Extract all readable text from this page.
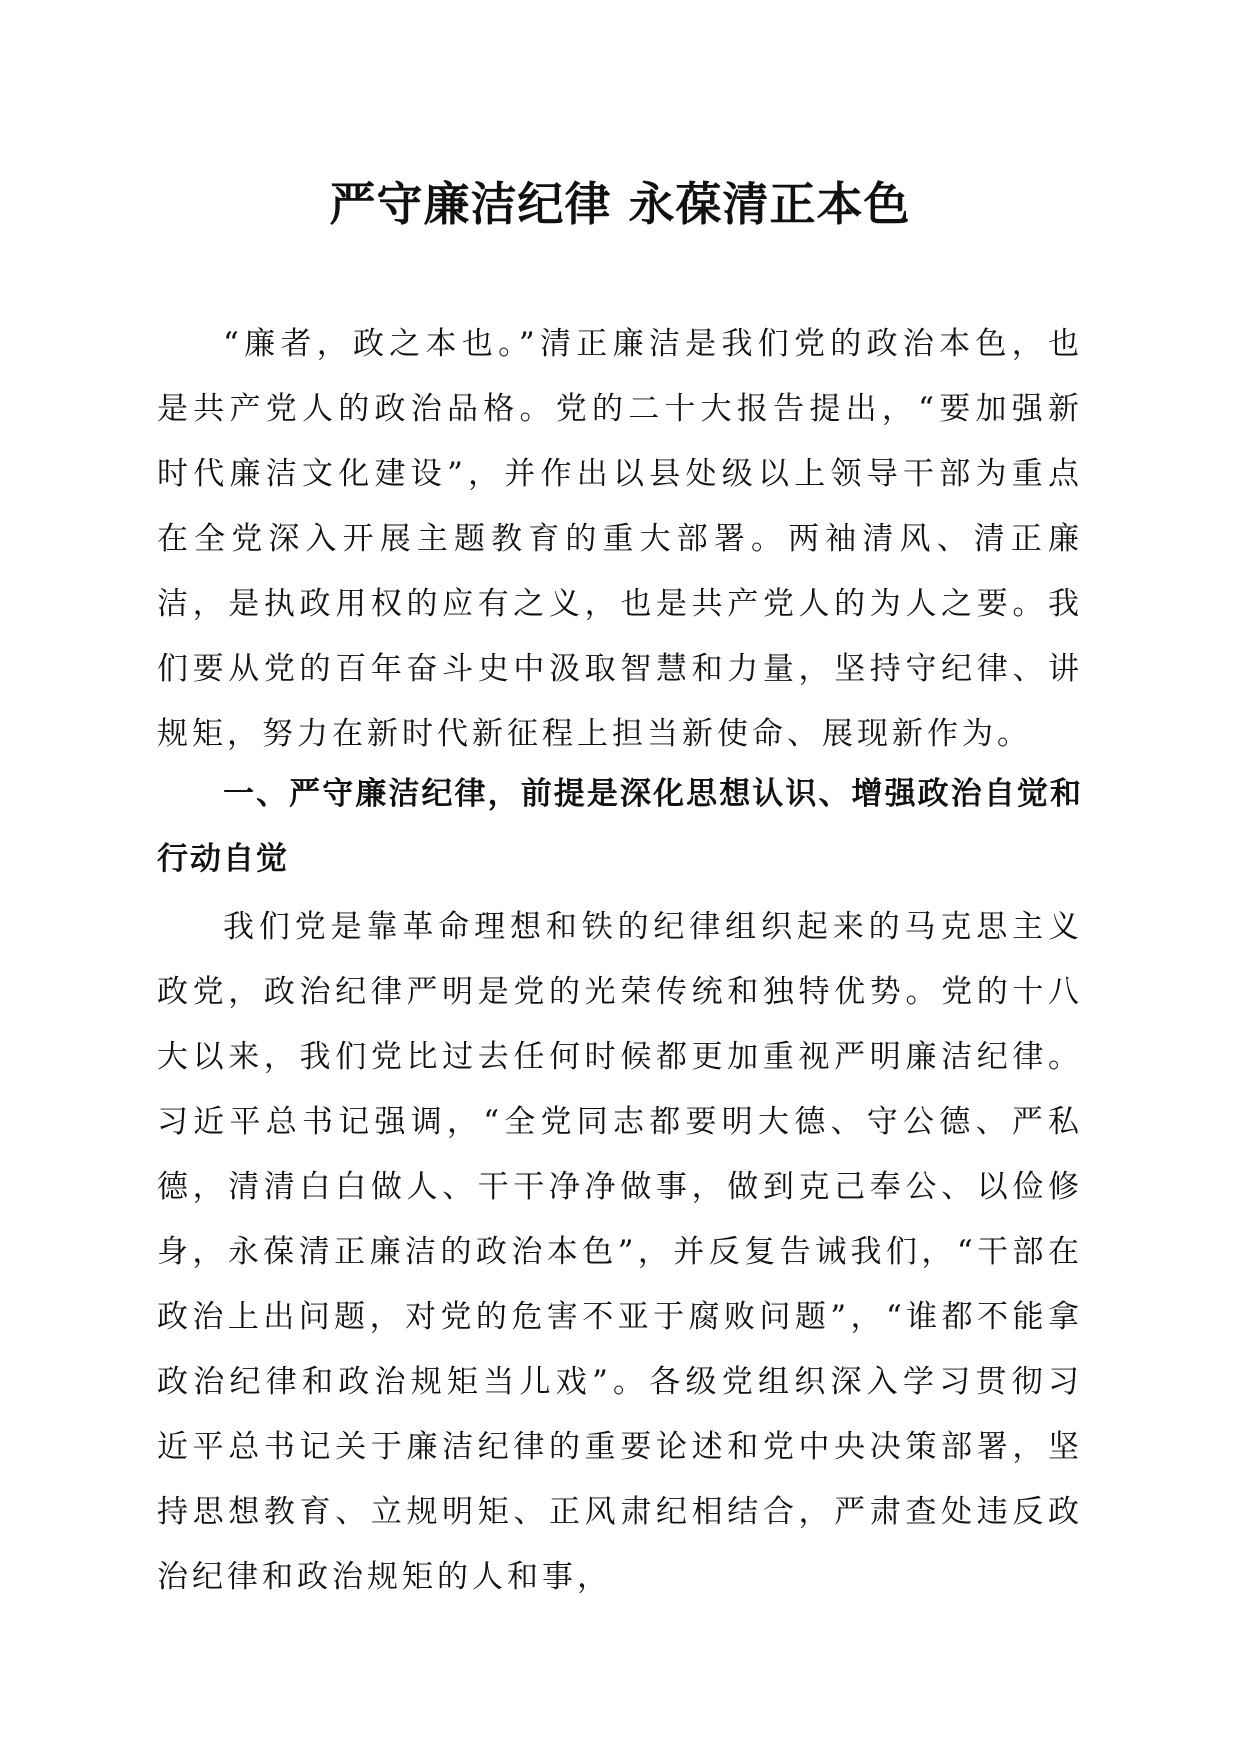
严守廉洁纪律 永葆清正本色
“廉者，政之本也。”清正廉洁是我们党的政治本色，也是共产党人的政治品格。党的二十大报告提出，“要加强新时代廉洁文化建设”，并作出以县处级以上领导干部为重点在全党深入开展主题教育的重大部署。两袖清风、清正廉洁，是执政用权的应有之义，也是共产党人的为人之要。我们要从党的百年奋斗史中汲取智慧和力量，坚持守纪律、讲规矩，努力在新时代新征程上担当新使命、展现新作为。
一、严守廉洁纪律，前提是深化思想认识、增强政治自觉和行动自觉
我们党是靠革命理想和铁的纪律组织起来的马克思主义政党，政治纪律严明是党的光荣传统和独特优势。党的十八大以来，我们党比过去任何时候都更加重视严明廉洁纪律。习近平总书记强调，“全党同志都要明大德、守公德、严私德，清清白白做人、干干净净做事，做到克己奉公、以俭修身，永葆清正廉洁的政治本色”，并反复告诫我们，“干部在政治上出问题，对党的危害不亚于腐败问题”，“谁都不能拿政治纪律和政治规矩当儿戏”。各级党组织深入学习贯彻习近平总书记关于廉洁纪律的重要论述和党中央决策部署，坚持思想教育、立规明矩、正风肃纪相结合，严肃查处违反政治纪律和政治规矩的人和事，
